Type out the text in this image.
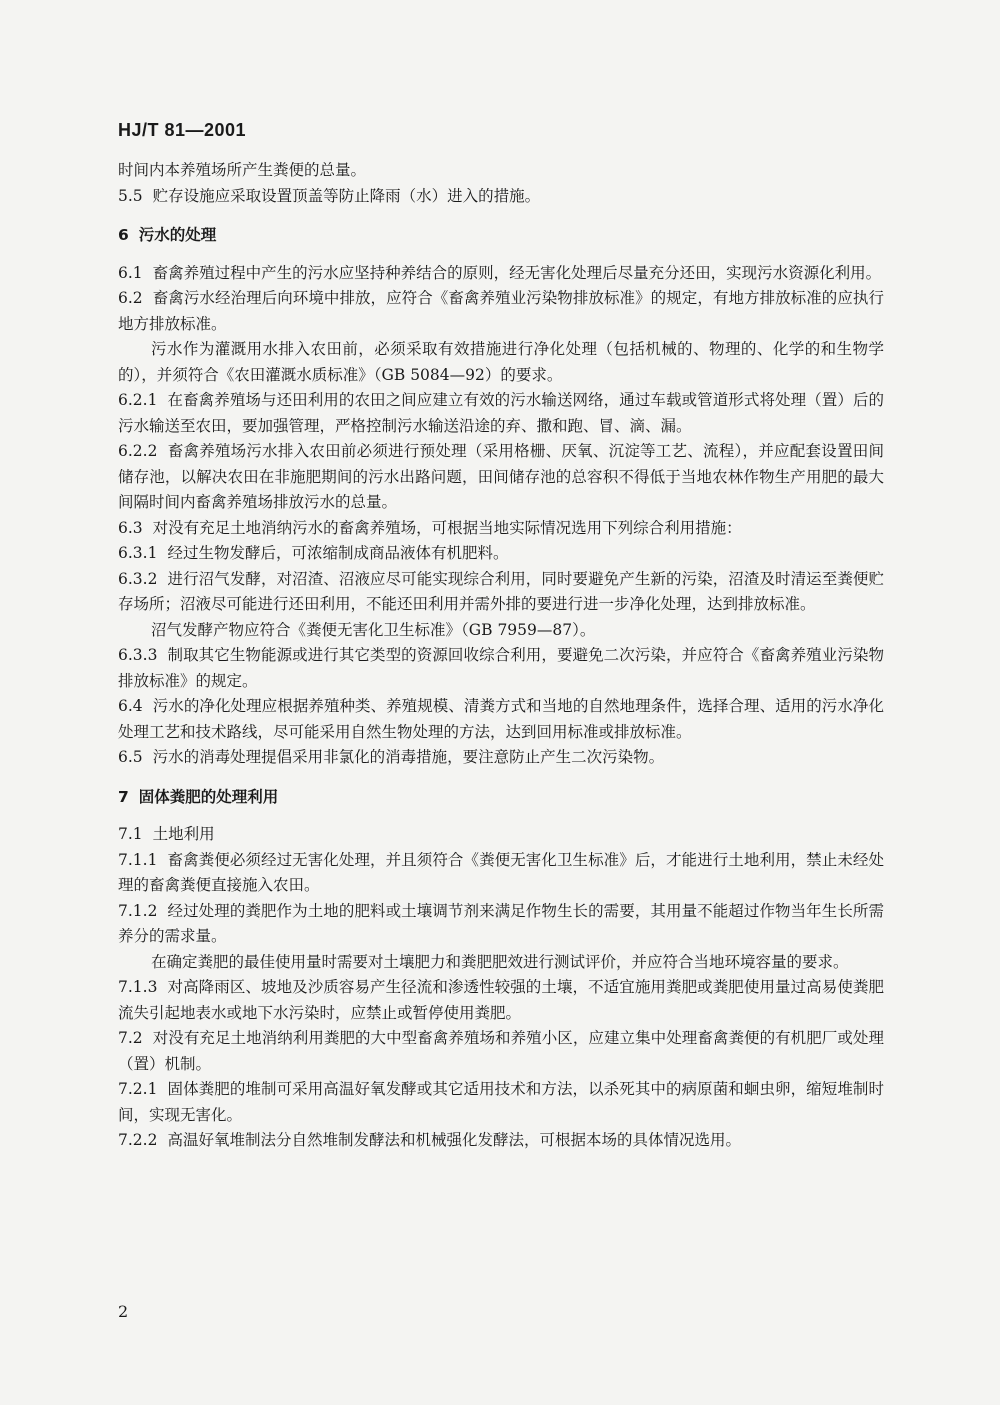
HJ/T 81—2001
时间内本养殖场所产生粪便的总量。
5.5 贮存设施应采取设置顶盖等防止降雨（水）进入的措施。
6 污水的处理
6.1 畜禽养殖过程中产生的污水应坚持种养结合的原则，经无害化处理后尽量充分还田，实现污水资源化利用。
6.2 畜禽污水经治理后向环境中排放，应符合《畜禽养殖业污染物排放标准》的规定，有地方排放标准的应执行地方排放标准。
污水作为灌溉用水排入农田前，必须采取有效措施进行净化处理（包括机械的、物理的、化学的和生物学的），并须符合《农田灌溉水质标准》（GB 5084—92）的要求。
6.2.1 在畜禽养殖场与还田利用的农田之间应建立有效的污水输送网络，通过车载或管道形式将处理（置）后的污水输送至农田，要加强管理，严格控制污水输送沿途的弃、撒和跑、冒、滴、漏。
6.2.2 畜禽养殖场污水排入农田前必须进行预处理（采用格栅、厌氧、沉淀等工艺、流程），并应配套设置田间储存池，以解决农田在非施肥期间的污水出路问题，田间储存池的总容积不得低于当地农林作物生产用肥的最大间隔时间内畜禽养殖场排放污水的总量。
6.3 对没有充足土地消纳污水的畜禽养殖场，可根据当地实际情况选用下列综合利用措施：
6.3.1 经过生物发酵后，可浓缩制成商品液体有机肥料。
6.3.2 进行沼气发酵，对沼渣、沼液应尽可能实现综合利用，同时要避免产生新的污染，沼渣及时清运至粪便贮存场所；沼液尽可能进行还田利用，不能还田利用并需外排的要进行进一步净化处理，达到排放标准。
沼气发酵产物应符合《粪便无害化卫生标准》（GB 7959—87）。
6.3.3 制取其它生物能源或进行其它类型的资源回收综合利用，要避免二次污染，并应符合《畜禽养殖业污染物排放标准》的规定。
6.4 污水的净化处理应根据养殖种类、养殖规模、清粪方式和当地的自然地理条件，选择合理、适用的污水净化处理工艺和技术路线，尽可能采用自然生物处理的方法，达到回用标准或排放标准。
6.5 污水的消毒处理提倡采用非氯化的消毒措施，要注意防止产生二次污染物。
7 固体粪肥的处理利用
7.1 土地利用
7.1.1 畜禽粪便必须经过无害化处理，并且须符合《粪便无害化卫生标准》后，才能进行土地利用，禁止未经处理的畜禽粪便直接施入农田。
7.1.2 经过处理的粪肥作为土地的肥料或土壤调节剂来满足作物生长的需要，其用量不能超过作物当年生长所需养分的需求量。
在确定粪肥的最佳使用量时需要对土壤肥力和粪肥肥效进行测试评价，并应符合当地环境容量的要求。
7.1.3 对高降雨区、坡地及沙质容易产生径流和渗透性较强的土壤，不适宜施用粪肥或粪肥使用量过高易使粪肥流失引起地表水或地下水污染时，应禁止或暂停使用粪肥。
7.2 对没有充足土地消纳利用粪肥的大中型畜禽养殖场和养殖小区，应建立集中处理畜禽粪便的有机肥厂或处理（置）机制。
7.2.1 固体粪肥的堆制可采用高温好氧发酵或其它适用技术和方法，以杀死其中的病原菌和蛔虫卵，缩短堆制时间，实现无害化。
7.2.2 高温好氧堆制法分自然堆制发酵法和机械强化发酵法，可根据本场的具体情况选用。
2
